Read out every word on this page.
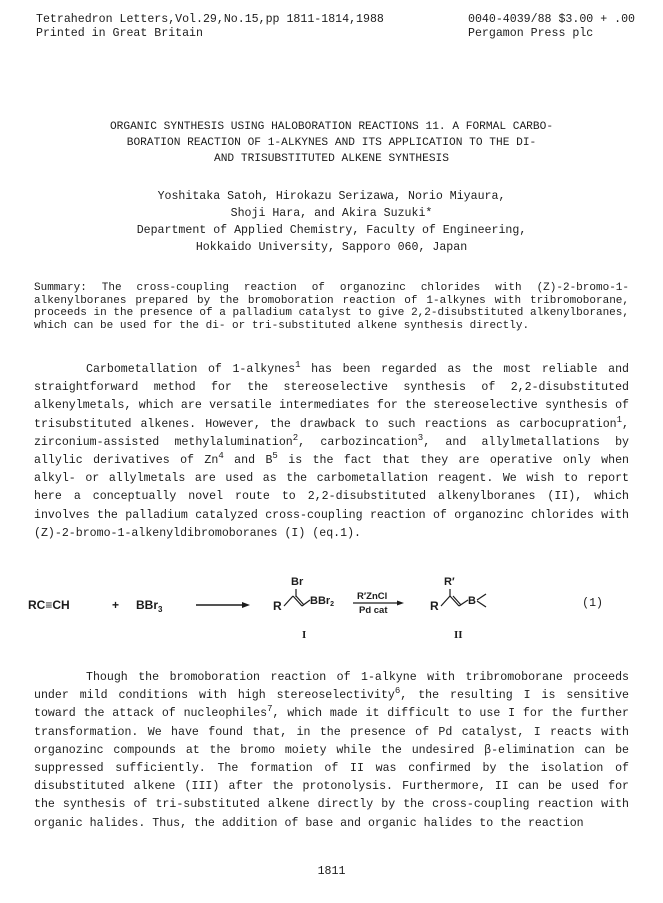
Tetrahedron Letters,Vol.29,No.15,pp 1811-1814,1988
Printed in Great Britain
0040-4039/88 $3.00 + .00
Pergamon Press plc
ORGANIC SYNTHESIS USING HALOBORATION REACTIONS 11. A FORMAL CARBO-
BORATION REACTION OF 1-ALKYNES AND ITS APPLICATION TO THE DI-
AND TRISUBSTITUTED ALKENE SYNTHESIS
Yoshitaka Satoh, Hirokazu Serizawa, Norio Miyaura,
Shoji Hara, and Akira Suzuki*
Department of Applied Chemistry, Faculty of Engineering,
Hokkaido University, Sapporo 060, Japan
Summary: The cross-coupling reaction of organozinc chlorides with (Z)-2-bromo-1-alkenylboranes prepared by the bromoboration reaction of 1-alkynes with tribromoborane, proceeds in the presence of a palladium catalyst to give 2,2-disubstituted alkenylboranes, which can be used for the di- or tri-substituted alkene synthesis directly.
Carbometallation of 1-alkynes$^1$ has been regarded as the most reliable and straightforward method for the stereoselective synthesis of 2,2-disubstituted alkenylmetals, which are versatile intermediates for the stereoselective synthesis of trisubstituted alkenes. However, the drawback to such reactions as carbocupration$^1$, zirconium-assisted methylalumination$^2$, carbozincation$^3$, and allylmetallations by allylic derivatives of Zn$^4$ and $B^5$ is the fact that they are operative only when alkyl- or allylmetals are used as the carbometallation reagent. We wish to report here a conceptually novel route to 2,2-disubstituted alkenylboranes (II), which involves the palladium catalyzed cross-coupling reaction of organozinc chlorides with (Z)-2-bromo-1-alkenyldibromoboranes (I) (eq.1).
RC≡CH	+ BBr$_3$
Br
R	BBr2
I
R′ZnCl
Pd cat
R′
R	B
II
(1)
Though the bromoboration reaction of 1-alkyne with tribromoborane proceeds under mild conditions with high stereoselectivity$^6$, the resulting I is sensitive toward the attack of nucleophiles$^7$, which made it difficult to use I for the further transformation. We have found that, in the presence of Pd catalyst, I reacts with organozinc compounds at the bromo moiety while the undesired β-elimination can be suppressed sufficiently. The formation of II was confirmed by the isolation of disubstituted alkene (III) after the protonolysis. Furthermore, II can be used for the synthesis of tri-substituted alkene directly by the cross-coupling reaction with organic halides. Thus, the addition of base and organic halides to the reaction
1811
